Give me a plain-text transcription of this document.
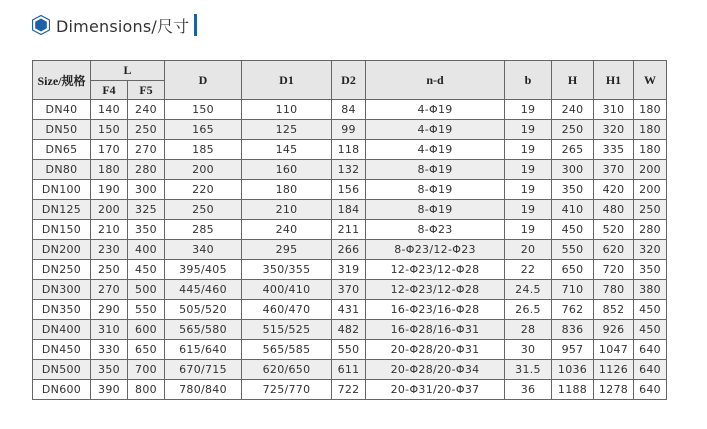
Dimensions/尺寸
Size/规格	L		D	D1	D2	n-d	b	H	H1	W
	F4	F5								
DN40	140	240	150	110	84	4-Φ19	19	240	310	180
DN50	150	250	165	125	99	4-Φ19	19	250	320	180
DN65	170	270	185	145	118	4-Φ19	19	265	335	180
DN80	180	280	200	160	132	8-Φ19	19	300	370	200
DN100	190	300	220	180	156	8-Φ19	19	350	420	200
DN125	200	325	250	210	184	8-Φ19	19	410	480	250
DN150	210	350	285	240	211	8-Φ23	19	450	520	280
DN200	230	400	340	295	266	8-Φ23/12-Φ23	20	550	620	320
DN250	250	450	395/405	350/355	319	12-Φ23/12-Φ28	22	650	720	350
DN300	270	500	445/460	400/410	370	12-Φ23/12-Φ28	24.5	710	780	380
DN350	290	550	505/520	460/470	431	16-Φ23/16-Φ28	26.5	762	852	450
DN400	310	600	565/580	515/525	482	16-Φ28/16-Φ31	28	836	926	450
DN450	330	650	615/640	565/585	550	20-Φ28/20-Φ31	30	957	1047	640
DN500	350	700	670/715	620/650	611	20-Φ28/20-Φ34	31.5	1036	1126	640
DN600	390	800	780/840	725/770	722	20-Φ31/20-Φ37	36	1188	1278	640
